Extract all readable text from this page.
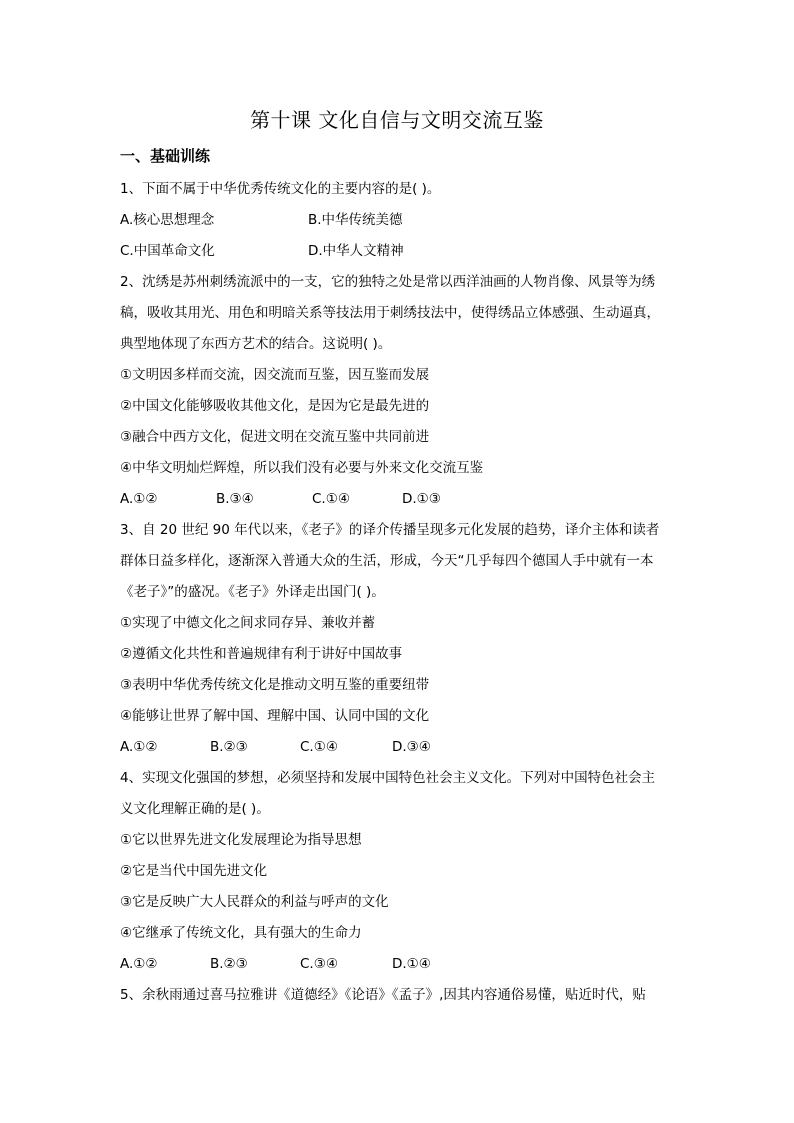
第十课 文化自信与文明交流互鉴
一、基础训练
1、下面不属于中华优秀传统文化的主要内容的是( )。
A.核心思想理念	B.中华传统美德
C.中国革命文化	D.中华人文精神
2、沈绣是苏州刺绣流派中的一支，它的独特之处是常以西洋油画的人物肖像、风景等为绣
稿，吸收其用光、用色和明暗关系等技法用于刺绣技法中，使得绣品立体感强、生动逼真，
典型地体现了东西方艺术的结合。这说明( )。
①文明因多样而交流，因交流而互鉴，因互鉴而发展
②中国文化能够吸收其他文化，是因为它是最先进的
③融合中西方文化，促进文明在交流互鉴中共同前进
④中华文明灿烂辉煌，所以我们没有必要与外来文化交流互鉴
A.①②	B.③④	C.①④	D.①③
3、自 20 世纪 90 年代以来，《老子》的译介传播呈现多元化发展的趋势，译介主体和读者
群体日益多样化，逐渐深入普通大众的生活，形成，今天“几乎每四个德国人手中就有一本
《老子》”的盛况。《老子》外译走出国门( )。
①实现了中德文化之间求同存异、兼收并蓄
②遵循文化共性和普遍规律有利于讲好中国故事
③表明中华优秀传统文化是推动文明互鉴的重要纽带
④能够让世界了解中国、理解中国、认同中国的文化
A.①②	B.②③	C.①④	D.③④
4、实现文化强国的梦想，必须坚持和发展中国特色社会主义文化。下列对中国特色社会主
义文化理解正确的是( )。
①它以世界先进文化发展理论为指导思想
②它是当代中国先进文化
③它是反映广大人民群众的利益与呼声的文化
④它继承了传统文化，具有强大的生命力
A.①②	B.②③	C.③④	D.①④
5、余秋雨通过喜马拉雅讲《道德经》《论语》《孟子》,因其内容通俗易懂，贴近时代，贴
